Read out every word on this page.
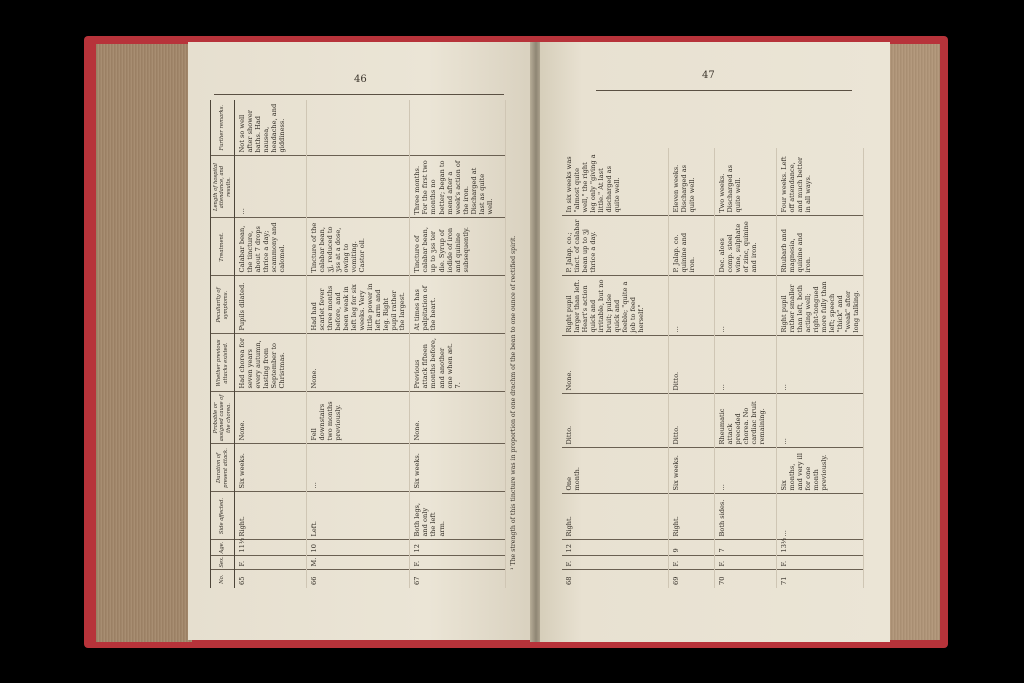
46
No.	Sex.	Age.	Side affected.	Duration of present attack.	Probable or assigned cause of the chorea.	Whether previous attacks existed.	Peculiarity of symptoms.	Treatment.	Length of hospital attendance, and results.	Further remarks.
65	F.	11½	Right.	Six weeks.	None.	Had chorea for seven years every autumn, lasting from September to Christmas.	Pupils dilated.	Calabar bean, the tincture, about 7 drops thrice a day; scammony and calomel.	...	Not so well after shower baths. Had nausea, headache, and giddiness.
66	M.	10	Left.	...	Fell downstairs two months previously.	None.	Had had scarlet fever three months before, and been weak in left leg for six weeks. Very little power in left arm and leg. Right pupil rather the largest.	Tincture of the calabar bean, ʒj, reduced to ʒss at a dose, owing to vomiting. Castor oil.		
67	F.	12	Both legs, and only the left arm.	Six weeks.	None.	Previous attack fifteen months before, and another one when æt. 7.	At times has palpitation of the heart.	Tincture of calabar bean, up to ʒss ter die. Syrup of iodide of iron and quinine subsequently.	Three months. For the first two months no better; began to mend after a week's action of the iron. Discharged at last as quite well.	
¹ The strength of this tincture was in proportion of one drachm of the bean to one ounce of rectified spirit.
47
68	F.	12	Right.	One month.	Ditto.	None.	Right pupil larger than left. Heart's action quick and irritable, but no bruit; pulse quick and feeble; "quite a job to feed herself."	P. Jalap. co.; tinct. of calabar bean up to ʒj thrice a day.	In six weeks was "almost quite well," the right leg only "giving a little." At last discharged as quite well.
69	F.	9	Right.	Six weeks.	Ditto.	Ditto.	...	P. Jalap. co. quinine and iron.	Eleven weeks. Discharged as quite well.
70	F.	7	Both sides.	...	Rheumatic attack preceded chorea. No cardiac bruit remaining.	...	...	Dec. aloes comp. steel wine, sulphate of zinc, quinine and iron.	Two weeks. Discharged as quite well.
71	F.	13½	...	Six months, and very ill for one month previously.	...	...	Right pupil rather smaller than left, both acting well; right-tongued more fully than left; speech "thick" and "weak" after long talking.	Rhubarb and magnesia, quinine and iron.	Four weeks. Left off attendance, and much better in all ways.
